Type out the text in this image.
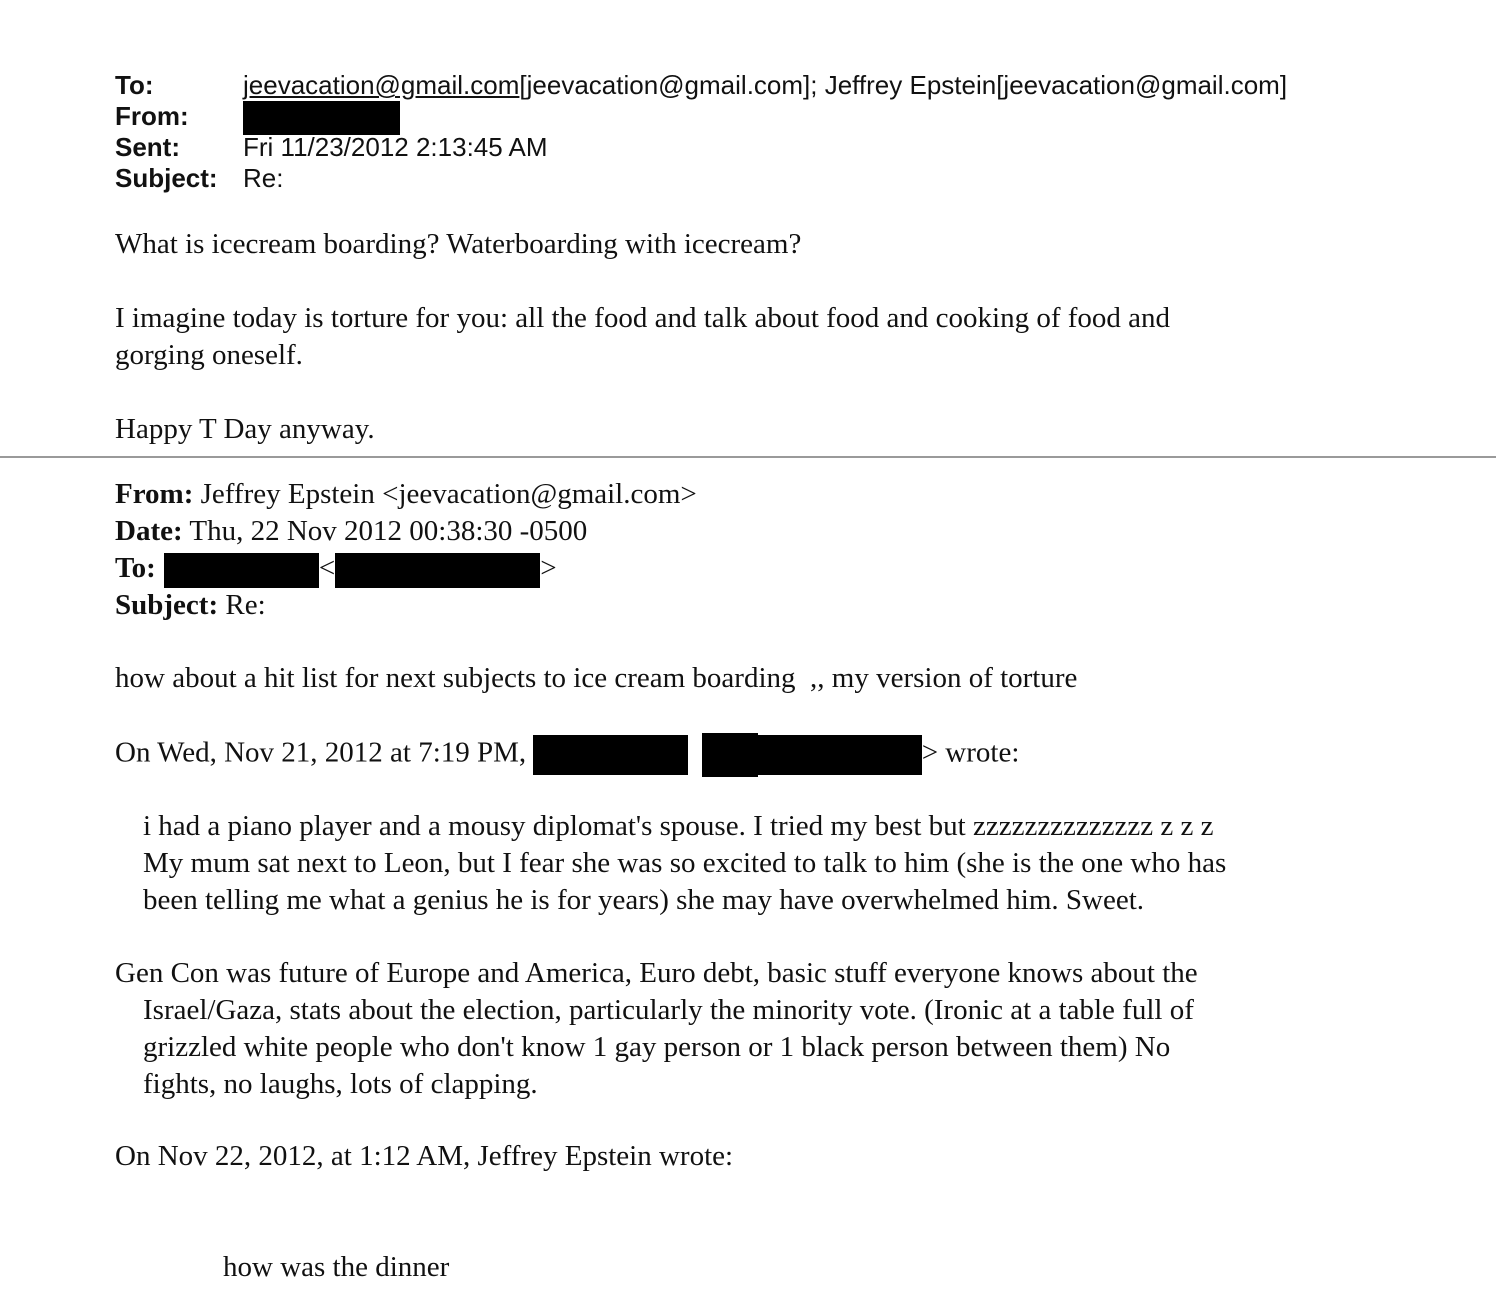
To:	jeevacation@gmail.com[jeevacation@gmail.com]; Jeffrey Epstein[jeevacation@gmail.com]
From:
Sent:	Fri 11/23/2012 2:13:45 AM
Subject: Re:
What is icecream boarding? Waterboarding with icecream?
I imagine today is torture for you: all the food and talk about food and cooking of food and
gorging oneself.
Happy T Day anyway.
From: Jeffrey Epstein <jeevacation@gmail.com>
Date: Thu, 22 Nov 2012 00:38:30 -0500
To:	<	>
Subject: Re:
how about a hit list for next subjects to ice cream boarding  ,, my version of torture
On Wed, Nov 21, 2012 at 7:19 PM,	> wrote:
i had a piano player and a mousy diplomat's spouse. I tried my best but zzzzzzzzzzzzzz z z z
My mum sat next to Leon, but I fear she was so excited to talk to him (she is the one who has
been telling me what a genius he is for years) she may have overwhelmed him. Sweet.
Gen Con was future of Europe and America, Euro debt, basic stuff everyone knows about the
Israel/Gaza, stats about the election, particularly the minority vote. (Ironic at a table full of
grizzled white people who don't know 1 gay person or 1 black person between them) No
fights, no laughs, lots of clapping.
On Nov 22, 2012, at 1:12 AM, Jeffrey Epstein wrote:
how was the dinner
